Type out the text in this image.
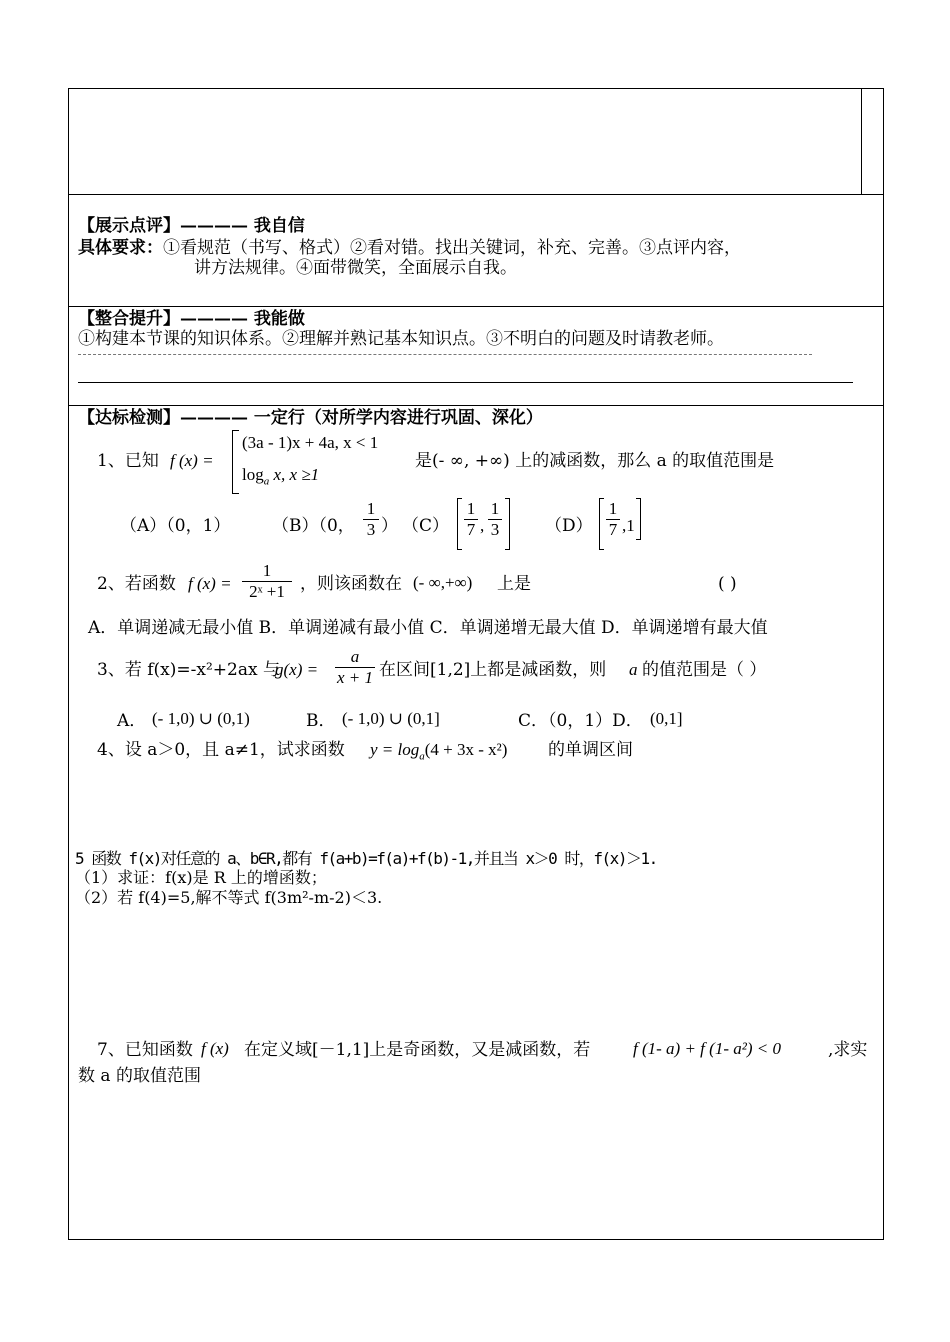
【展示点评】———— 我自信
具体要求：①看规范（书写、格式）②看对错。找出关键词，补充、完善。③点评内容，
讲方法规律。④面带微笑，全面展示自我。
【整合提升】———— 我能做
①构建本节课的知识体系。②理解并熟记基本知识点。③不明白的问题及时请教老师。
【达标检测】———— 一定行（对所学内容进行巩固、深化）
1、已知 f (x) =
(3a - 1)x + 4a, x < 1
$\log_a x$, x ≥1
是(- ∞, +∞) 上的减函数，那么 a 的取值范围是
（A）（0，1） （B）（0，
1
3 ） （C）
1
7 ,
1
3	（D）
1
7 ,1
2、若函数 f (x) =
1
2ˣ +1 ，则该函数在 (- ∞,+∞) 上是	( )
A．单调递减无最小值 B．单调递减有最小值 C．单调递增无最大值 D．单调递增有最大值
3、若 f(x)=-x²+2ax 与
g(x) =
a
x + 1 在区间[1,2]上都是减函数，则 a 的值范围是（ ）
A． (- 1,0) ∪ (0,1)	B． (- 1,0) ∪ (0,1]	C．（0，1）D． (0,1]
4、设 a＞0，且 a≠1，试求函数 $y = \log_a(4 + 3x - x^2)$ 的单调区间
5 函数 f(x)对任意的 a、b∈R,都有 f(a+b)=f(a)+f(b)-1,并且当 x＞0 时，f(x)＞1.
（1）求证：f(x)是 R 上的增函数；
（2）若 f(4)=5,解不等式 f(3m²-m-2)＜3.
7、已知函数 f (x) 在定义域[－1,1]上是奇函数，又是减函数，若	f (1- a) + f (1- a²) < 0	,求实
数 a 的取值范围
